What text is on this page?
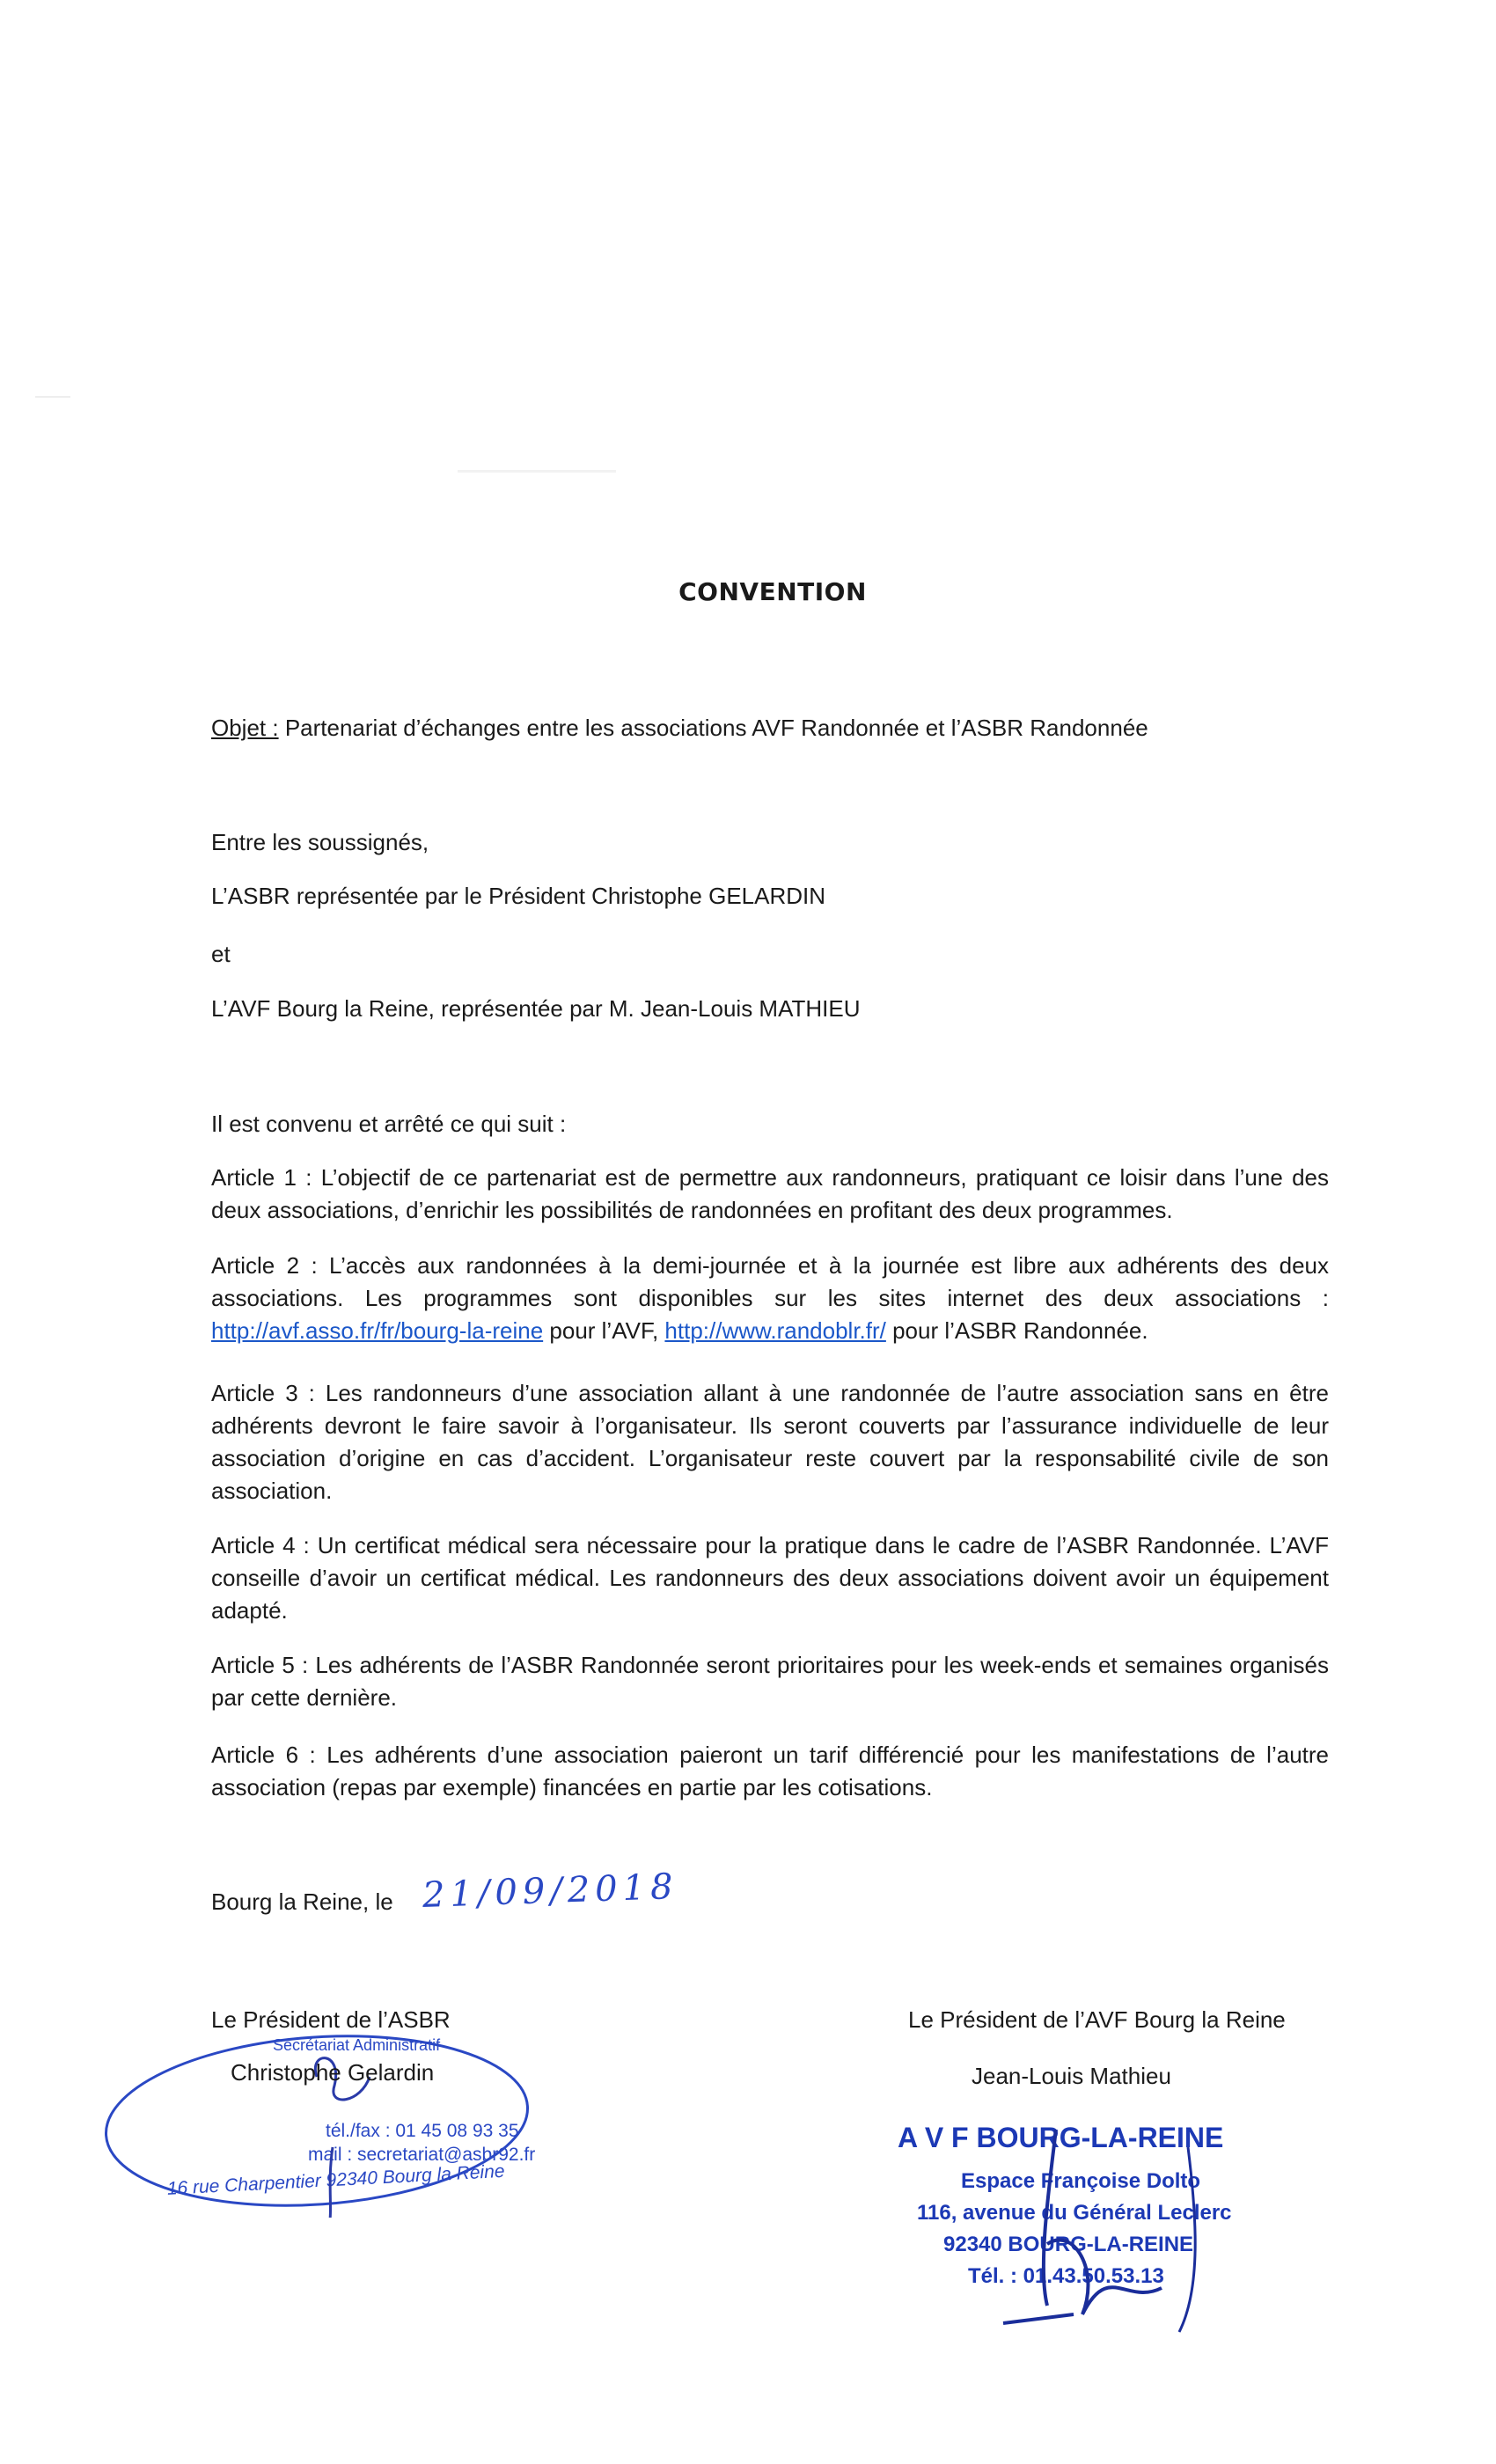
CONVENTION
Objet : Partenariat d’échanges entre les associations AVF Randonnée et l’ASBR Randonnée
Entre les soussignés,
L’ASBR représentée par le Président Christophe GELARDIN
et
L’AVF Bourg la Reine, représentée par M. Jean-Louis MATHIEU
Il est convenu et arrêté ce qui suit :
Article 1 : L’objectif de ce partenariat est de permettre aux randonneurs, pratiquant ce loisir dans l’une des deux associations, d’enrichir les possibilités de randonnées en profitant des deux programmes.
Article 2 : L’accès aux randonnées à la demi-journée et à la journée est libre aux adhérents des deux associations. Les programmes sont disponibles sur les sites internet des deux associations : http://avf.asso.fr/fr/bourg-la-reine pour l’AVF, http://www.randoblr.fr/ pour l’ASBR Randonnée.
Article 3 : Les randonneurs d’une association allant à une randonnée de l’autre association sans en être adhérents devront le faire savoir à l’organisateur. Ils seront couverts par l’assurance individuelle de leur association d’origine en cas d’accident. L’organisateur reste couvert par la responsabilité civile de son association.
Article 4 : Un certificat médical sera nécessaire pour la pratique dans le cadre de l’ASBR Randonnée. L’AVF conseille d’avoir un certificat médical. Les randonneurs des deux associations doivent avoir un équipement adapté.
Article 5 : Les adhérents de l’ASBR Randonnée seront prioritaires pour les week-ends et semaines organisés par cette dernière.
Article 6 : Les adhérents d’une association paieront un tarif différencié pour les manifestations de l’autre association (repas par exemple) financées en partie par les cotisations.
Bourg la Reine, le 21/09/2018
Le Président de l’ASBR	Le Président de l’AVF Bourg la Reine
Secrétariat Administratif
tél./fax : 01 45 08 93 35
mail : secretariat@asbr92.fr
16 rue Charpentier 92340 Bourg la Reine
Christophe Gelardin	Jean-Louis Mathieu
A V F BOURG-LA-REINE
Espace Françoise Dolto
116, avenue du Général Leclerc
92340 BOURG-LA-REINE
Tél. : 01.43.50.53.13
